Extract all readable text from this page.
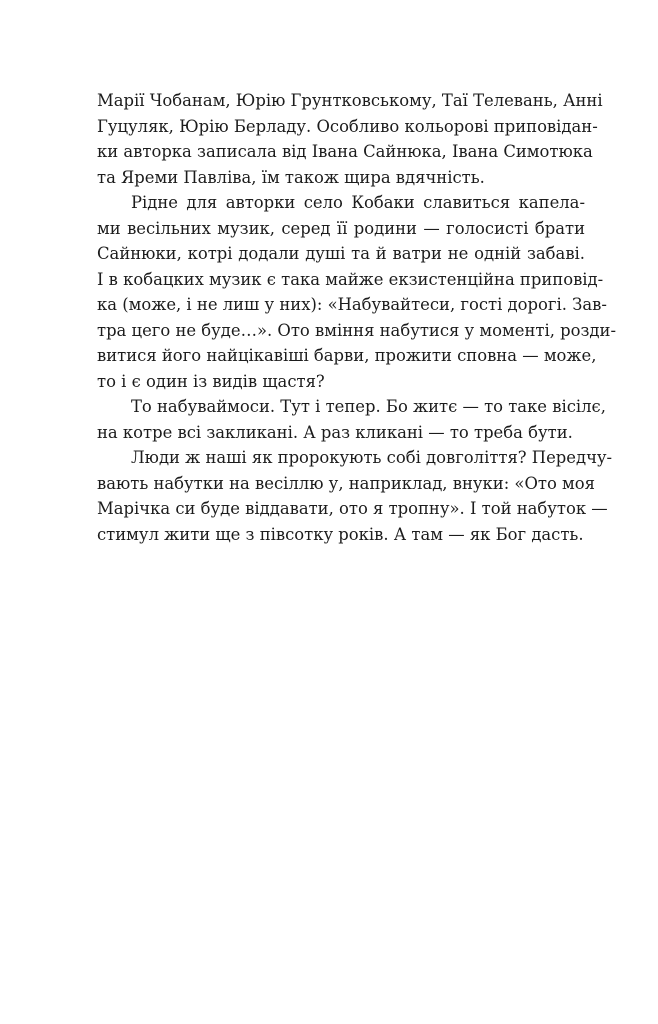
Марії Чобанам, Юрію Грунтковському, Таї Телевань, Анні
Гуцуляк, Юрію Берладу. Особливо кольорові приповідан-
ки авторка записала від Івана Сайнюка, Івана Симотюка
та Яреми Павліва, їм також щира вдячність.
Рідне для авторки село Кобаки славиться капела-
ми весільних музик, серед її родини — голосисті брати
Сайнюки, котрі додали душі та й ватри не одній забаві.
І в кобацких музик є така майже екзистенційна приповід-
ка (може, і не лиш у них): «Набувайтеси, гості дорогі. Зав-
тра цего не буде…». Ото вміння набутися у моменті, розди-
витися його найцікавіші барви, прожити сповна — може,
то і є один із видів щастя?
То набуваймоси. Тут і тепер. Бо житє — то таке вісілє,
на котре всі закликані. А раз кликані — то треба бути.
Люди ж наші як пророкують собі довголіття? Передчу-
вають набутки на весіллю у, наприклад, внуки: «Ото моя
Марічка си буде віддавати, ото я тропну». І той набуток —
стимул жити ще з півсотку років. А там — як Бог дасть.
